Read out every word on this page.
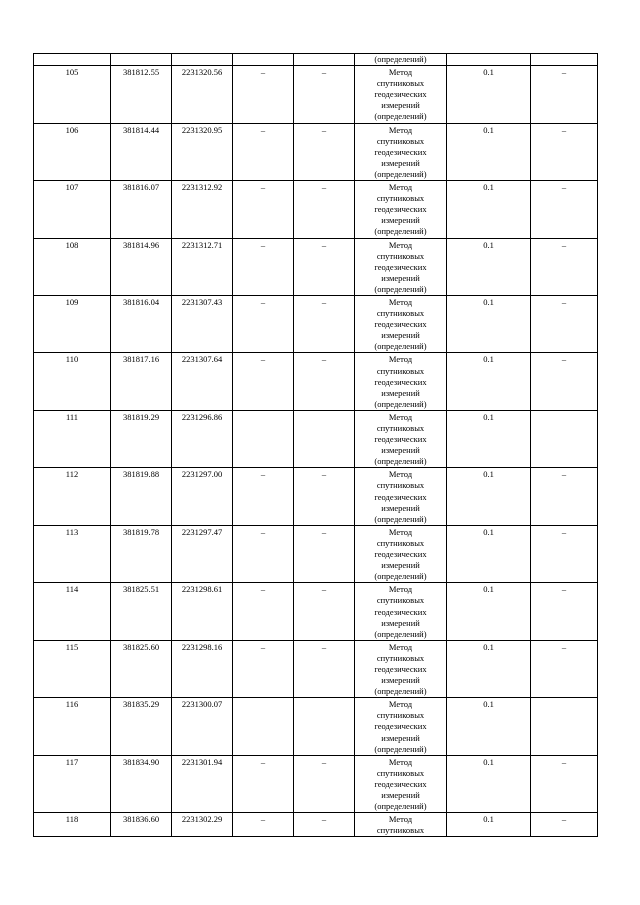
					(определений)		
105	381812.55	2231320.56	–	–	Метод
спутниковых
геодезических
измерений
(определений)	0.1	–
106	381814.44	2231320.95	–	–	Метод
спутниковых
геодезических
измерений
(определений)	0.1	–
107	381816.07	2231312.92	–	–	Метод
спутниковых
геодезических
измерений
(определений)	0.1	–
108	381814.96	2231312.71	–	–	Метод
спутниковых
геодезических
измерений
(определений)	0.1	–
109	381816.04	2231307.43	–	–	Метод
спутниковых
геодезических
измерений
(определений)	0.1	–
110	381817.16	2231307.64	–	–	Метод
спутниковых
геодезических
измерений
(определений)	0.1	–
111	381819.29	2231296.86			Метод
спутниковых
геодезических
измерений
(определений)	0.1	
112	381819.88	2231297.00	–	–	Метод
спутниковых
геодезических
измерений
(определений)	0.1	–
113	381819.78	2231297.47	–	–	Метод
спутниковых
геодезических
измерений
(определений)	0.1	–
114	381825.51	2231298.61	–	–	Метод
спутниковых
геодезических
измерений
(определений)	0.1	–
115	381825.60	2231298.16	–	–	Метод
спутниковых
геодезических
измерений
(определений)	0.1	–
116	381835.29	2231300.07			Метод
спутниковых
геодезических
измерений
(определений)	0.1	
117	381834.90	2231301.94	–	–	Метод
спутниковых
геодезических
измерений
(определений)	0.1	–
118	381836.60	2231302.29	–	–	Метод
спутниковых	0.1	–
